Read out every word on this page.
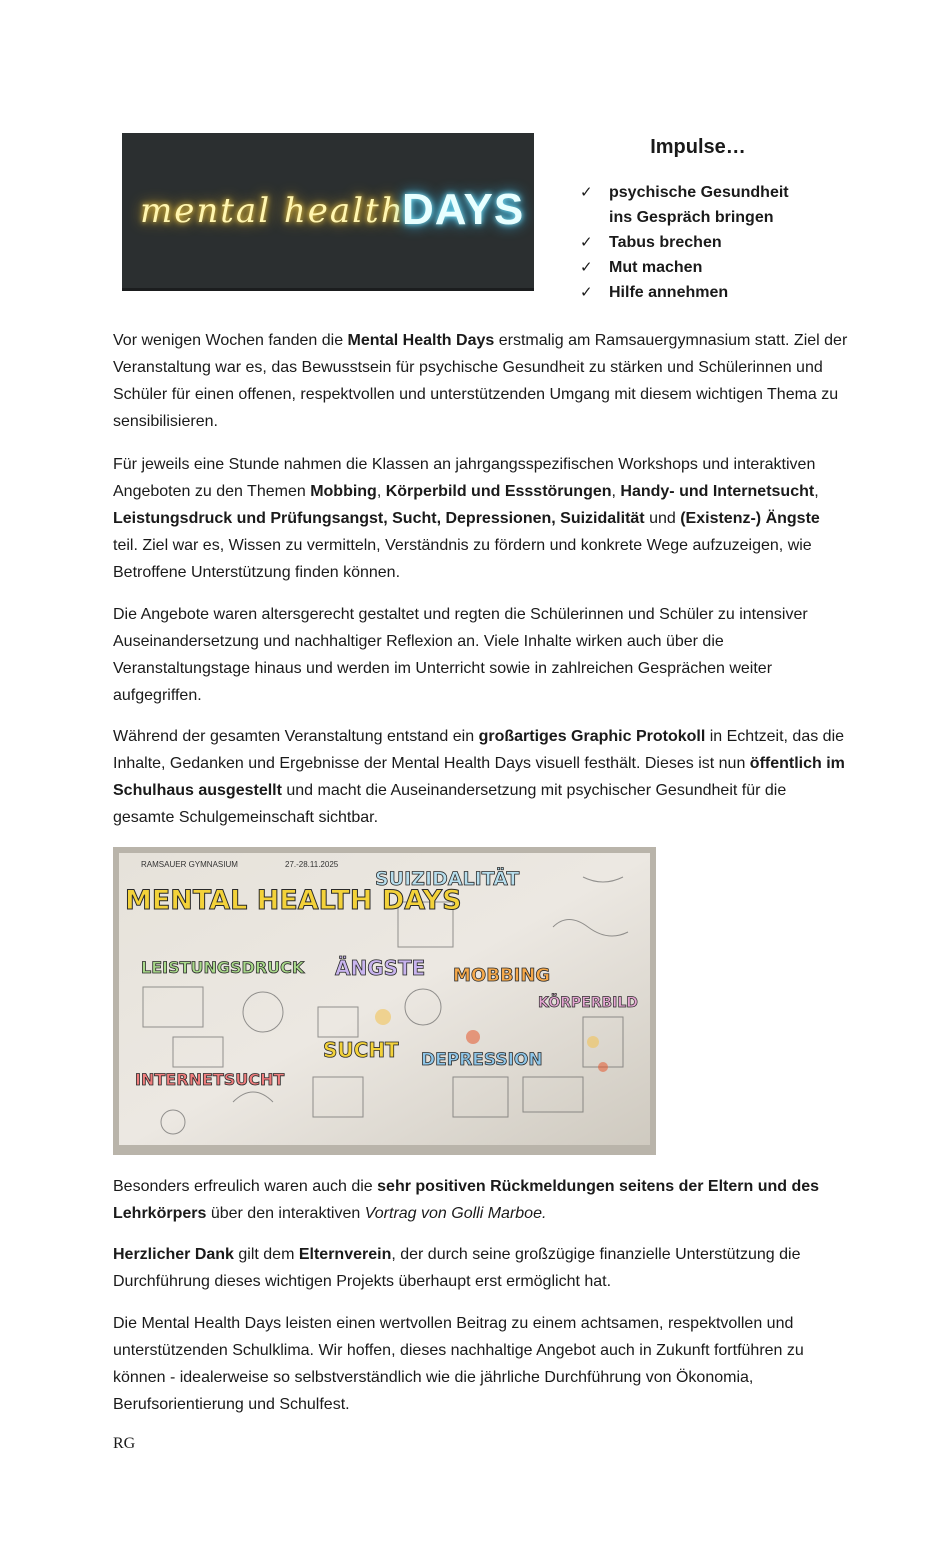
mental health
DAYS
Impulse…
✓	psychische Gesundheit ins Gespräch bringen
✓	Tabus brechen
✓	Mut machen
✓	Hilfe annehmen

Vor wenigen Wochen fanden die Mental Health Days erstmalig am Ramsauergymnasium statt. Ziel der Veranstaltung war es, das Bewusstsein für psychische Gesundheit zu stärken und Schülerinnen und Schüler für einen offenen, respektvollen und unterstützenden Umgang mit diesem wichtigen Thema zu sensibilisieren.

Für jeweils eine Stunde nahmen die Klassen an jahrgangsspezifischen Workshops und interaktiven Angeboten zu den Themen Mobbing, Körperbild und Essstörungen, Handy- und Internetsucht, Leistungsdruck und Prüfungsangst, Sucht, Depressionen, Suizidalität und (Existenz-) Ängste teil. Ziel war es, Wissen zu vermitteln, Verständnis zu fördern und konkrete Wege aufzuzeigen, wie Betroffene Unterstützung finden können.

Die Angebote waren altersgerecht gestaltet und regten die Schülerinnen und Schüler zu intensiver Auseinandersetzung und nachhaltiger Reflexion an. Viele Inhalte wirken auch über die Veranstaltungstage hinaus und werden im Unterricht sowie in zahlreichen Gesprächen weiter aufgegriffen.

Während der gesamten Veranstaltung entstand ein großartiges Graphic Protokoll in Echtzeit, das die Inhalte, Gedanken und Ergebnisse der Mental Health Days visuell festhält. Dieses ist nun öffentlich im Schulhaus ausgestellt und macht die Auseinandersetzung mit psychischer Gesundheit für die gesamte Schulgemeinschaft sichtbar.

RAMSAUER GYMNASIUM	27.-28.11.2025
MENTAL HEALTH DAYS
SUIZIDALITÄT
LEISTUNGSDRUCK ÄNGSTE MOBBING
KÖRPERBILD
SUCHT DEPRESSION
INTERNETSUCHT

Besonders erfreulich waren auch die sehr positiven Rückmeldungen seitens der Eltern und des Lehrkörpers über den interaktiven Vortrag von Golli Marboe.

Herzlicher Dank gilt dem Elternverein, der durch seine großzügige finanzielle Unterstützung die Durchführung dieses wichtigen Projekts überhaupt erst ermöglicht hat.

Die Mental Health Days leisten einen wertvollen Beitrag zu einem achtsamen, respektvollen und unterstützenden Schulklima. Wir hoffen, dieses nachhaltige Angebot auch in Zukunft fortführen zu können - idealerweise so selbstverständlich wie die jährliche Durchführung von Ökonomia, Berufsorientierung und Schulfest.

RG
